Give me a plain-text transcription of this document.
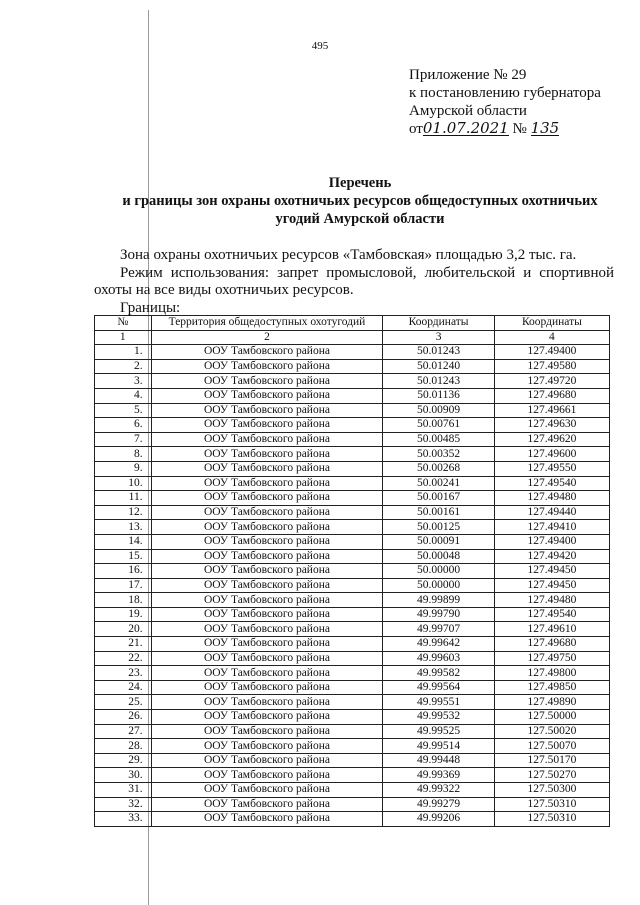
495
Приложение № 29
к постановлению губернатора
Амурской области
от01.07.2021 № 135
Перечень
и границы зон охраны охотничьих ресурсов общедоступных охотничьих
угодий Амурской области

Зона охраны охотничьих ресурсов «Тамбовская» площадью 3,2 тыс. га.

Режим использования: запрет промысловой, любительской и спортивной охоты на все виды охотничьих ресурсов.

Границы:

№	Территория общедоступных охотугодий	Координаты	Координаты
1	2	3	4
1.	ООУ Тамбовского района	50.01243	127.49400
2.	ООУ Тамбовского района	50.01240	127.49580
3.	ООУ Тамбовского района	50.01243	127.49720
4.	ООУ Тамбовского района	50.01136	127.49680
5.	ООУ Тамбовского района	50.00909	127.49661
6.	ООУ Тамбовского района	50.00761	127.49630
7.	ООУ Тамбовского района	50.00485	127.49620
8.	ООУ Тамбовского района	50.00352	127.49600
9.	ООУ Тамбовского района	50.00268	127.49550
10.	ООУ Тамбовского района	50.00241	127.49540
11.	ООУ Тамбовского района	50.00167	127.49480
12.	ООУ Тамбовского района	50.00161	127.49440
13.	ООУ Тамбовского района	50.00125	127.49410
14.	ООУ Тамбовского района	50.00091	127.49400
15.	ООУ Тамбовского района	50.00048	127.49420
16.	ООУ Тамбовского района	50.00000	127.49450
17.	ООУ Тамбовского района	50.00000	127.49450
18.	ООУ Тамбовского района	49.99899	127.49480
19.	ООУ Тамбовского района	49.99790	127.49540
20.	ООУ Тамбовского района	49.99707	127.49610
21.	ООУ Тамбовского района	49.99642	127.49680
22.	ООУ Тамбовского района	49.99603	127.49750
23.	ООУ Тамбовского района	49.99582	127.49800
24.	ООУ Тамбовского района	49.99564	127.49850
25.	ООУ Тамбовского района	49.99551	127.49890
26.	ООУ Тамбовского района	49.99532	127.50000
27.	ООУ Тамбовского района	49.99525	127.50020
28.	ООУ Тамбовского района	49.99514	127.50070
29.	ООУ Тамбовского района	49.99448	127.50170
30.	ООУ Тамбовского района	49.99369	127.50270
31.	ООУ Тамбовского района	49.99322	127.50300
32.	ООУ Тамбовского района	49.99279	127.50310
33.	ООУ Тамбовского района	49.99206	127.50310
